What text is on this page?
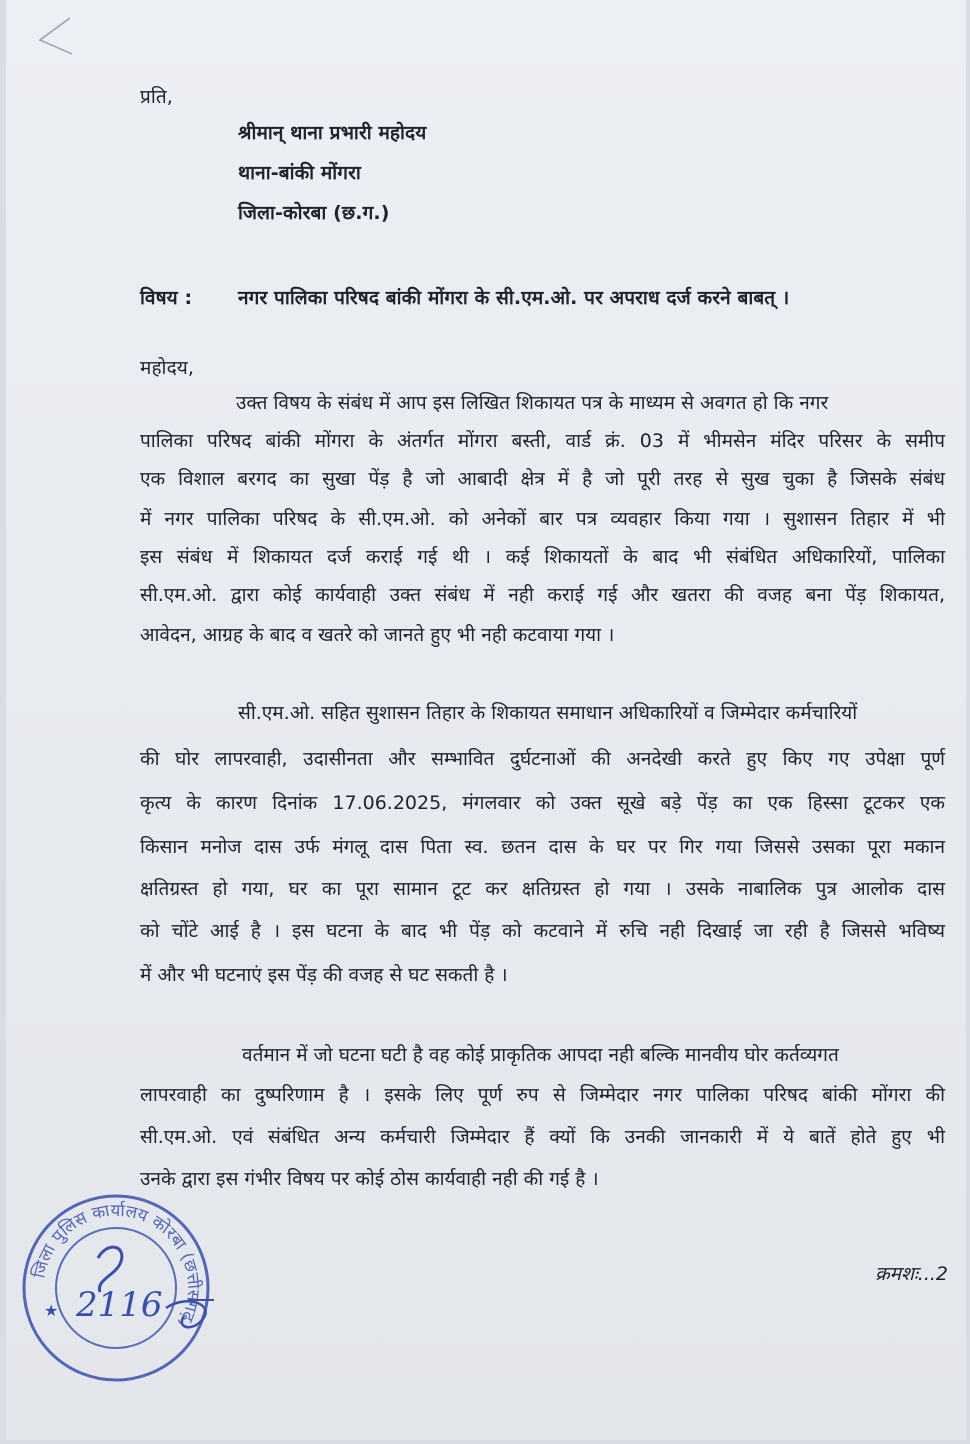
प्रति,
श्रीमान् थाना प्रभारी महोदय
थाना-बांकी मोंगरा
जिला-कोरबा (छ.ग.)
विषय : नगर पालिका परिषद बांकी मोंगरा के सी.एम.ओ. पर अपराध दर्ज करने बाबत् ।
महोदय,
उक्त विषय के संबंध में आप इस लिखित शिकायत पत्र के माध्यम से अवगत हो कि नगर
पालिका परिषद बांकी मोंगरा के अंतर्गत मोंगरा बस्ती, वार्ड क्रं. 03 में भीमसेन मंदिर परिसर के समीप
एक विशाल बरगद का सुखा पेंड़ है जो आबादी क्षेत्र में है जो पूरी तरह से सुख चुका है जिसके संबंध
में नगर पालिका परिषद के सी.एम.ओ. को अनेकों बार पत्र व्यवहार किया गया । सुशासन तिहार में भी
इस संबंध में शिकायत दर्ज कराई गई थी । कई शिकायतों के बाद भी संबंधित अधिकारियों, पालिका
सी.एम.ओ. द्वारा कोई कार्यवाही उक्त संबंध में नही कराई गई और खतरा की वजह बना पेंड़ शिकायत,
आवेदन, आग्रह के बाद व खतरे को जानते हुए भी नही कटवाया गया ।
सी.एम.ओ. सहित सुशासन तिहार के शिकायत समाधान अधिकारियों व जिम्मेदार कर्मचारियों
की घोर लापरवाही, उदासीनता और सम्भावित दुर्घटनाओं की अनदेखी करते हुए किए गए उपेक्षा पूर्ण
कृत्य के कारण दिनांक 17.06.2025, मंगलवार को उक्त सूखे बड़े पेंड़ का एक हिस्सा टूटकर एक
किसान मनोज दास उर्फ मंगलू दास पिता स्व. छतन दास के घर पर गिर गया जिससे उसका पूरा मकान
क्षतिग्रस्त हो गया, घर का पूरा सामान टूट कर क्षतिग्रस्त हो गया । उसके नाबालिक पुत्र आलोक दास
को चोंटे आई है । इस घटना के बाद भी पेंड़ को कटवाने में रुचि नही दिखाई जा रही है जिससे भविष्य
में और भी घटनाएं इस पेंड़ की वजह से घट सकती है ।
वर्तमान में जो घटना घटी है वह कोई प्राकृतिक आपदा नही बल्कि मानवीय घोर कर्तव्यगत
लापरवाही का दुष्परिणाम है । इसके लिए पूर्ण रुप से जिम्मेदार नगर पालिका परिषद बांकी मोंगरा की
सी.एम.ओ. एवं संबंधित अन्य कर्मचारी जिम्मेदार हैं क्यों कि उनकी जानकारी में ये बातें होते हुए भी
उनके द्वारा इस गंभीर विषय पर कोई ठोस कार्यवाही नही की गई है ।
क्रमशः...2
जिला पुलिस कार्यालय कोरबा (छत्तीसगढ़)
★ 2116
